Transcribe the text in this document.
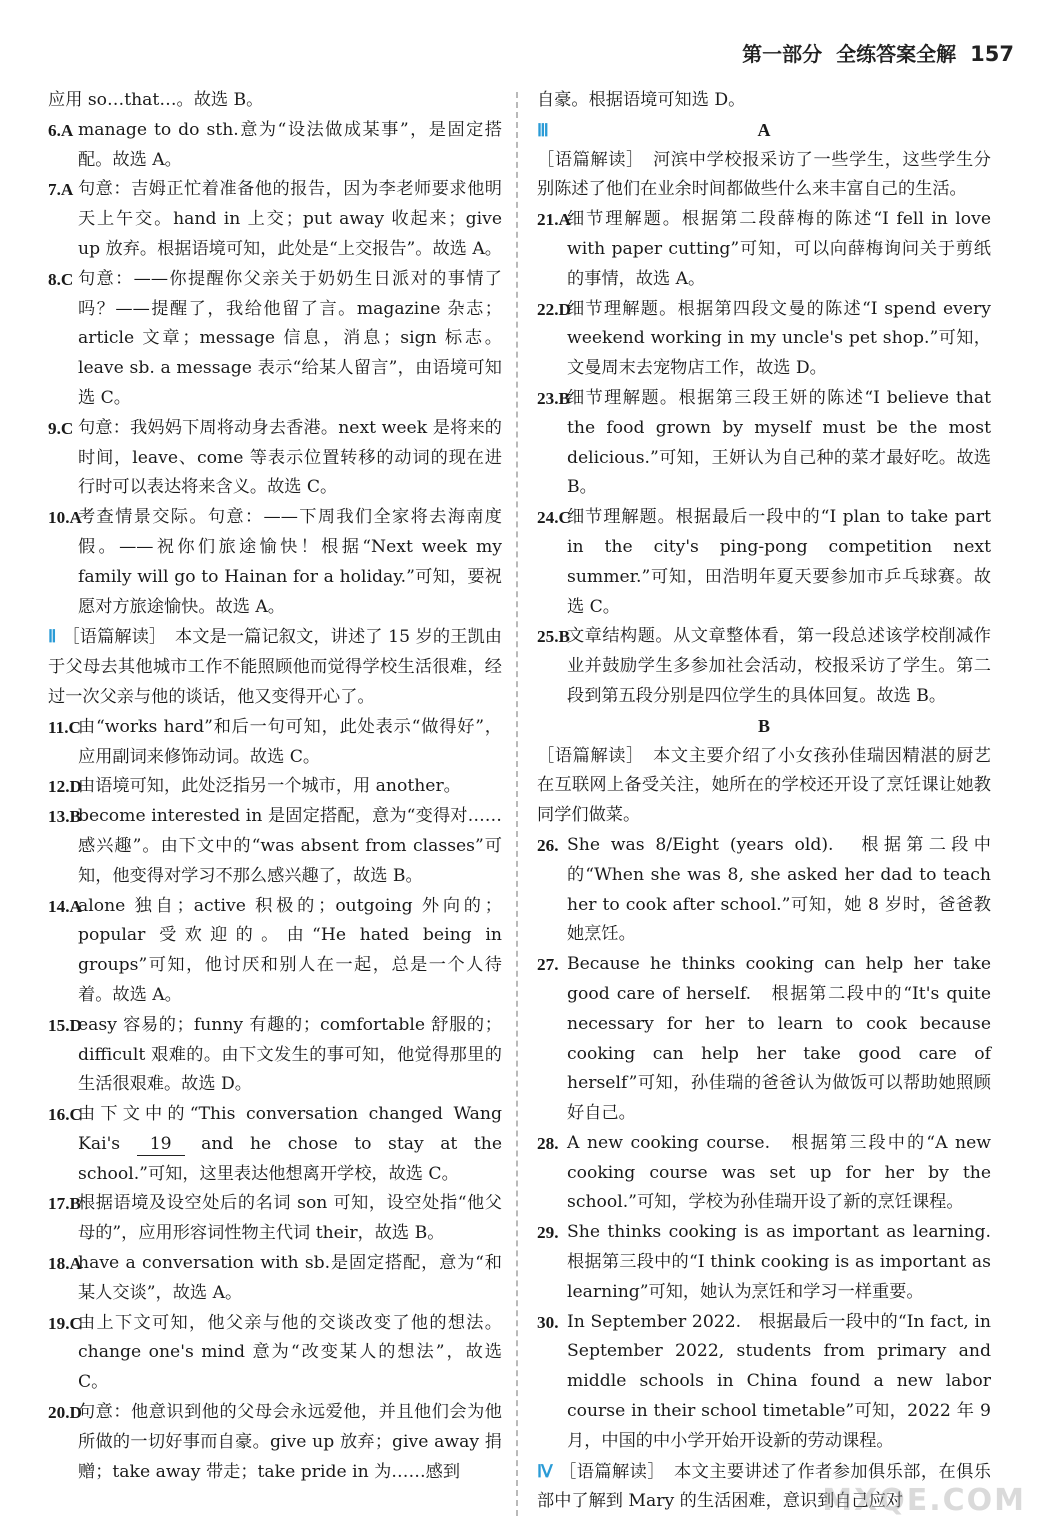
第一部分 全练答案全解 157
应用 so…that…。故选 B。
6.A manage to do sth.意为“设法做成某事”，是固定搭配。故选 A。
7.A 句意：吉姆正忙着准备他的报告，因为李老师要求他明天上午交。hand in 上交；put away 收起来；give up 放弃。根据语境可知，此处是“上交报告”。故选 A。
8.C 句意：——你提醒你父亲关于奶奶生日派对的事情了吗？——提醒了，我给他留了言。magazine 杂志；article 文章；message 信息，消息；sign 标志。leave sb. a message 表示“给某人留言”，由语境可知选 C。
9.C 句意：我妈妈下周将动身去香港。next week 是将来的时间，leave、come 等表示位置转移的动词的现在进行时可以表达将来含义。故选 C。
10.A
考查情景交际。句意：——下周我们全家将去海南度假。——祝你们旅途愉快！根据“Next week my family will go to Hainan for a holiday.”可知，要祝愿对方旅途愉快。故选 A。
Ⅱ ［语篇解读］　本文是一篇记叙文，讲述了 15 岁的王凯由于父母去其他城市工作不能照顾他而觉得学校生活很难，经过一次父亲与他的谈话，他又变得开心了。
11.C
由“works hard”和后一句可知，此处表示“做得好”，应用副词来修饰动词。故选 C。
12.D
由语境可知，此处泛指另一个城市，用 another。
13.B
become interested in 是固定搭配，意为“变得对……感兴趣”。由下文中的“was absent from classes”可知，他变得对学习不那么感兴趣了，故选 B。
14.A
alone 独自；active 积极的；outgoing 外向的；popular 受欢迎的。由“He hated being in groups”可知，他讨厌和别人在一起，总是一个人待着。故选 A。
15.D
easy 容易的；funny 有趣的；comfortable 舒服的；difficult 艰难的。由下文发生的事可知，他觉得那里的生活很艰难。故选 D。
16.C
由下文中的“This conversation changed Wang Kai's 19 and he chose to stay at the school.”可知，这里表达他想离开学校，故选 C。
17.B
根据语境及设空处后的名词 son 可知，设空处指“他父母的”，应用形容词性物主代词 their，故选 B。
18.A
have a conversation with sb.是固定搭配，意为“和某人交谈”，故选 A。
19.C
由上下文可知，他父亲与他的交谈改变了他的想法。change one's mind 意为“改变某人的想法”，故选 C。
20.D
句意：他意识到他的父母会永远爱他，并且他们会为他所做的一切好事而自豪。give up 放弃；give away 捐赠；take away 带走；take pride in 为……感到
自豪。根据语境可知选 D。
Ⅲ	A
［语篇解读］　河滨中学校报采访了一些学生，这些学生分别陈述了他们在业余时间都做些什么来丰富自己的生活。
21.A
细节理解题。根据第二段薛梅的陈述“I fell in love with paper cutting”可知，可以向薛梅询问关于剪纸的事情，故选 A。
22.D
细节理解题。根据第四段文曼的陈述“I spend every weekend working in my uncle's pet shop.”可知，文曼周末去宠物店工作，故选 D。
23.B
细节理解题。根据第三段王妍的陈述“I believe that the food grown by myself must be the most delicious.”可知，王妍认为自己种的菜才最好吃。故选 B。
24.C
细节理解题。根据最后一段中的“I plan to take part in the city's ping-pong competition next summer.”可知，田浩明年夏天要参加市乒乓球赛。故选 C。
25.B
文章结构题。从文章整体看，第一段总述该学校削减作业并鼓励学生多参加社会活动，校报采访了学生。第二段到第五段分别是四位学生的具体回复。故选 B。
B
［语篇解读］　本文主要介绍了小女孩孙佳瑞因精湛的厨艺在互联网上备受关注，她所在的学校还开设了烹饪课让她教同学们做菜。
26. She was 8/Eight (years old).　根据第二段中的“When she was 8, she asked her dad to teach her to cook after school.”可知，她 8 岁时，爸爸教她烹饪。
27. Because he thinks cooking can help her take good care of herself.　根据第二段中的“It's quite necessary for her to learn to cook because cooking can help her take good care of herself”可知，孙佳瑞的爸爸认为做饭可以帮助她照顾好自己。
28. A new cooking course.　根据第三段中的“A new cooking course was set up for her by the school.”可知，学校为孙佳瑞开设了新的烹饪课程。
29. She thinks cooking is as important as learning.　根据第三段中的“I think cooking is as important as learning”可知，她认为烹饪和学习一样重要。
30. In September 2022.　根据最后一段中的“In fact, in September 2022, students from primary and middle schools in China found a new labor course in their school timetable”可知，2022 年 9 月，中国的中小学开始开设新的劳动课程。
Ⅳ ［语篇解读］　本文主要讲述了作者参加俱乐部，在俱乐部中了解到 Mary 的生活困难，意识到自己应对
MXQE.COM
